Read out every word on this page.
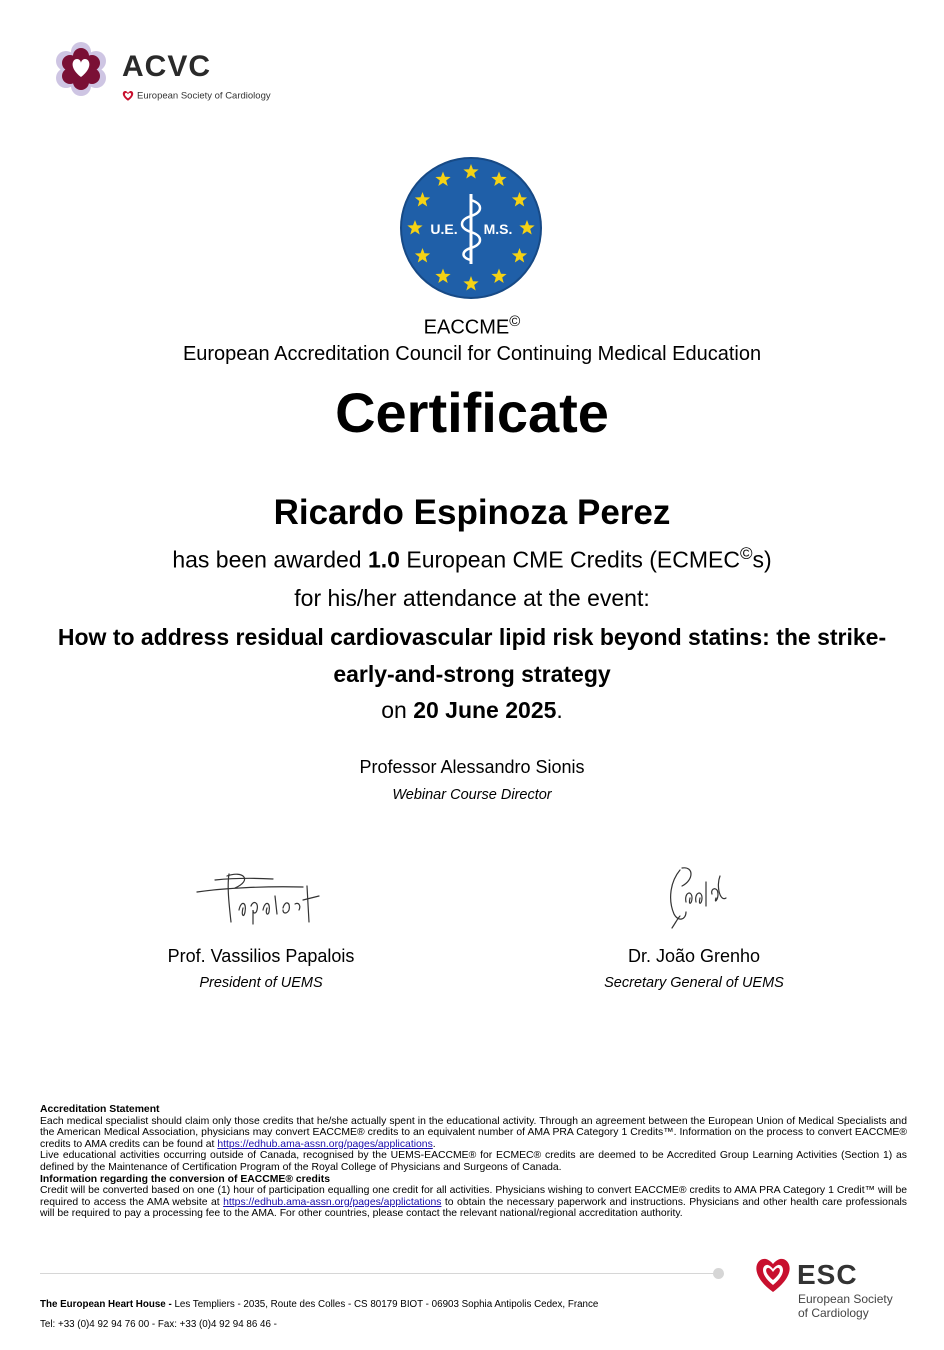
ACVC
European Society of Cardiology
U.E. M.S.
EACCME©
European Accreditation Council for Continuing Medical Education
Certificate
Ricardo Espinoza Perez
has been awarded 1.0 European CME Credits (ECMEC©s)
for his/her attendance at the event:
How to address residual cardiovascular lipid risk beyond statins: the strike-early-and-strong strategy
on 20 June 2025.
Professor Alessandro Sionis
Webinar Course Director
Prof. Vassilios Papalois
President of UEMS
Dr. João Grenho
Secretary General of UEMS
Accreditation Statement
Each medical specialist should claim only those credits that he/she actually spent in the educational activity. Through an agreement between the European Union of Medical Specialists and the American Medical Association, physicians may convert EACCME® credits to an equivalent number of AMA PRA Category 1 Credits™. Information on the process to convert EACCME® credits to AMA credits can be found at https://edhub.ama-assn.org/pages/applications.
Live educational activities occurring outside of Canada, recognised by the UEMS-EACCME® for ECMEC® credits are deemed to be Accredited Group Learning Activities (Section 1) as defined by the Maintenance of Certification Program of the Royal College of Physicians and Surgeons of Canada.
Information regarding the conversion of EACCME® credits
Credit will be converted based on one (1) hour of participation equalling one credit for all activities. Physicians wishing to convert EACCME® credits to AMA PRA Category 1 Credit™ will be required to access the AMA website at https://edhub.ama-assn.org/pages/applictations to obtain the necessary paperwork and instructions. Physicians and other health care professionals will be required to pay a processing fee to the AMA. For other countries, please contact the relevant national/regional accreditation authority.
ESC
European Society
of Cardiology
The European Heart House - Les Templiers - 2035, Route des Colles - CS 80179 BIOT - 06903 Sophia Antipolis Cedex, France
Tel: +33 (0)4 92 94 76 00 - Fax: +33 (0)4 92 94 86 46 -
